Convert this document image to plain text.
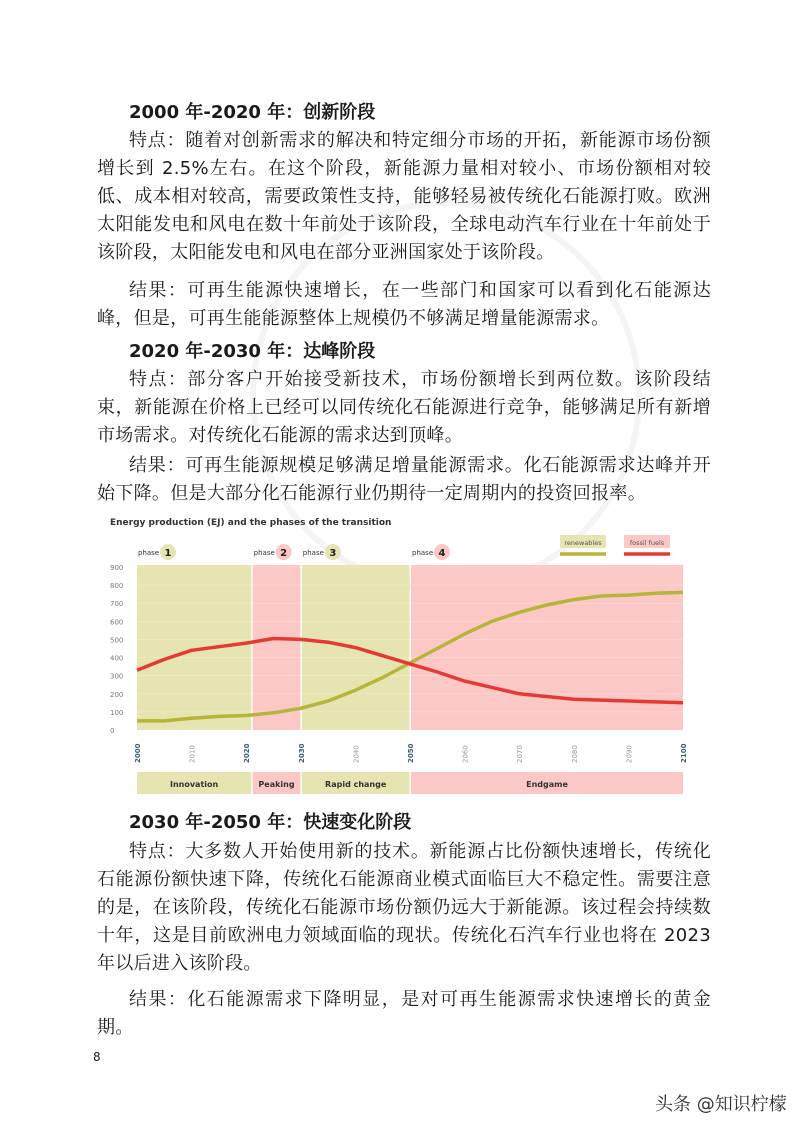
2000 年-2020 年：创新阶段
特点：随着对创新需求的解决和特定细分市场的开拓，新能源市场份额增长到 2.5%左右。在这个阶段，新能源力量相对较小、市场份额相对较低、成本相对较高，需要政策性支持，能够轻易被传统化石能源打败。欧洲太阳能发电和风电在数十年前处于该阶段，全球电动汽车行业在十年前处于该阶段，太阳能发电和风电在部分亚洲国家处于该阶段。
结果：可再生能源快速增长，在一些部门和国家可以看到化石能源达峰，但是，可再生能能源整体上规模仍不够满足增量能源需求。
2020 年-2030 年：达峰阶段
特点：部分客户开始接受新技术，市场份额增长到两位数。该阶段结束，新能源在价格上已经可以同传统化石能源进行竞争，能够满足所有新增市场需求。对传统化石能源的需求达到顶峰。
结果：可再生能源规模足够满足增量能源需求。化石能源需求达峰并开始下降。但是大部分化石能源行业仍期待一定周期内的投资回报率。
Energy production (EJ) and the phases of the transition
Innovation
phase 1
Peaking
phase 2
Rapid change
phase 3
Endgame
phase 4
0
100
200
300
400
500
600
700
800
900
2000	2010	2020	2030	2040	2050	2060	2070	2080	2090	2100
renewables	fossil fuels
2030 年-2050 年：快速变化阶段
特点：大多数人开始使用新的技术。新能源占比份额快速增长，传统化石能源份额快速下降，传统化石能源商业模式面临巨大不稳定性。需要注意的是，在该阶段，传统化石能源市场份额仍远大于新能源。该过程会持续数十年，这是目前欧洲电力领域面临的现状。传统化石汽车行业也将在 2023 年以后进入该阶段。
结果：化石能源需求下降明显，是对可再生能源需求快速增长的黄金期。
8
头条 @知识柠檬
